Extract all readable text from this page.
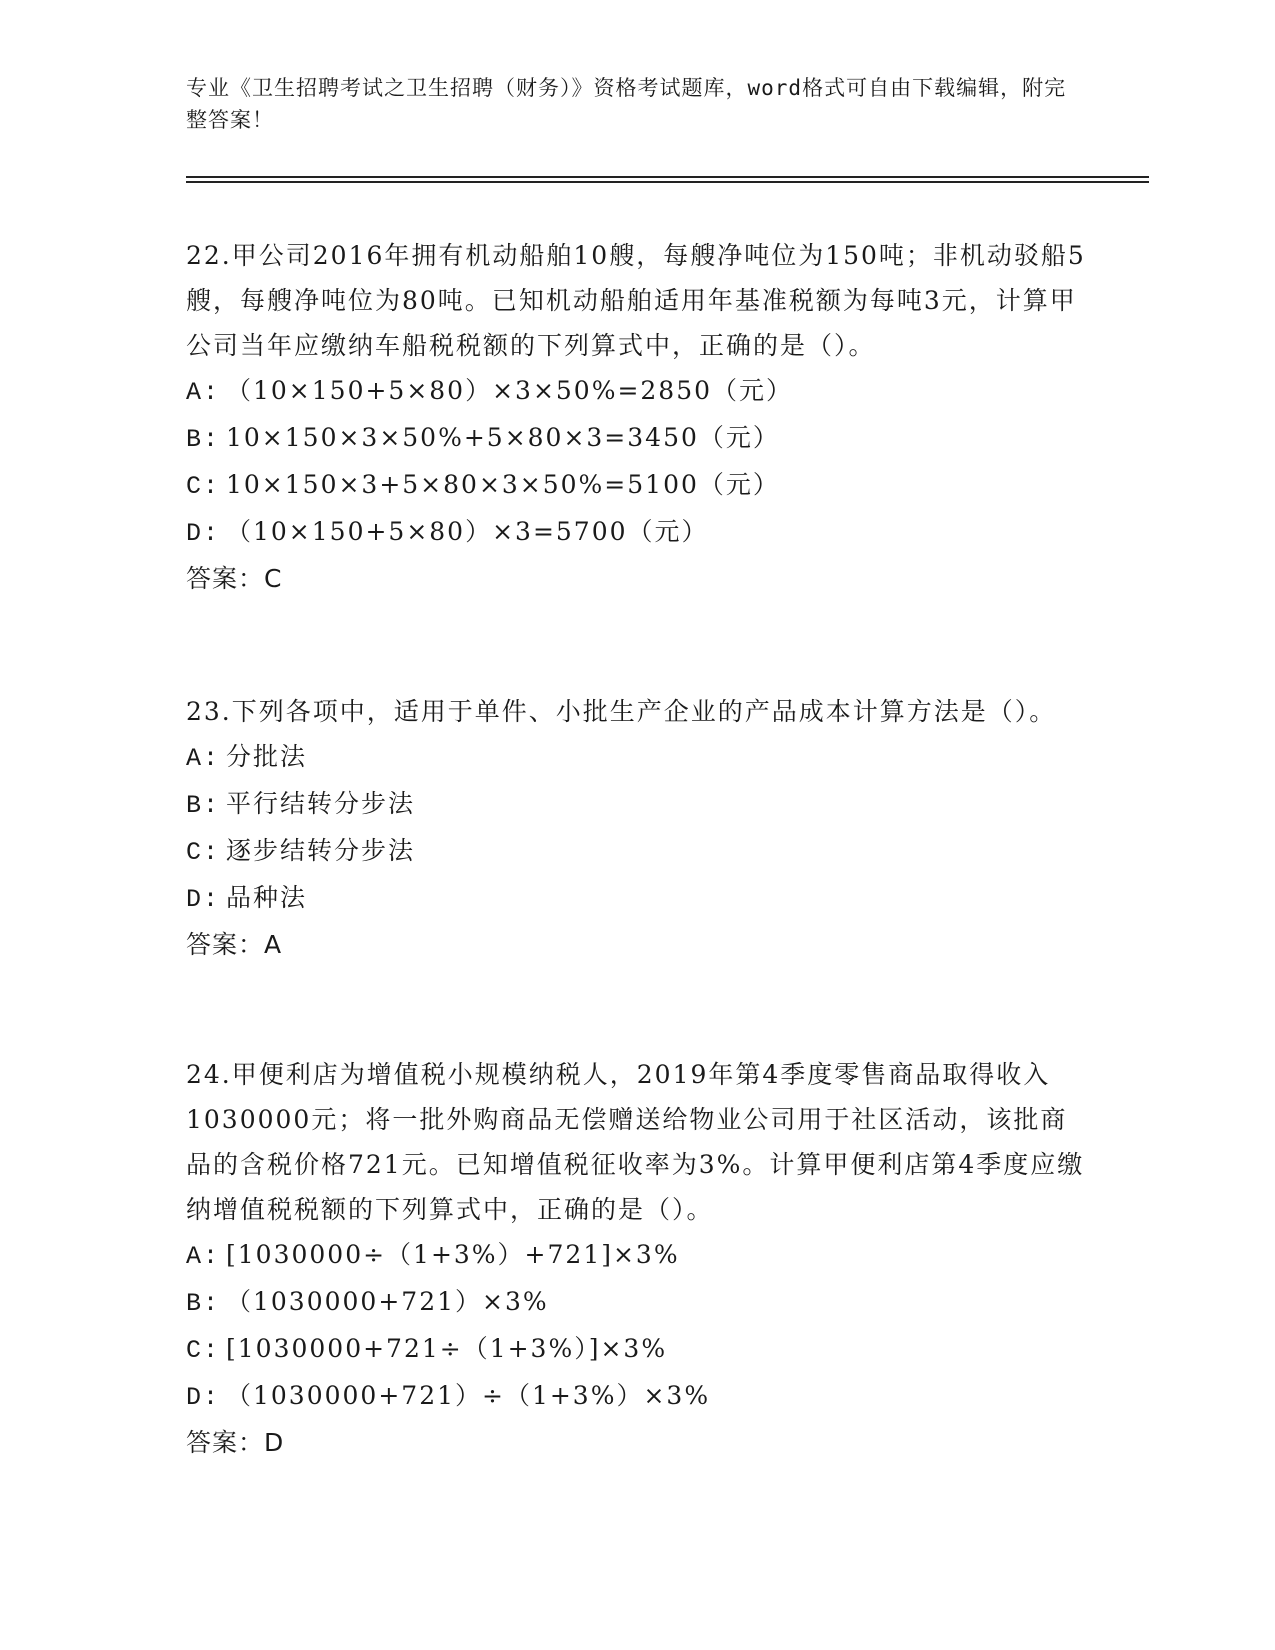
专业《卫生招聘考试之卫生招聘（财务）》资格考试题库，word格式可自由下载编辑，附完整答案！

22.甲公司2016年拥有机动船舶10艘，每艘净吨位为150吨；非机动驳船5艘，每艘净吨位为80吨。已知机动船舶适用年基准税额为每吨3元，计算甲公司当年应缴纳车船税税额的下列算式中，正确的是（）。

A: （10×150+5×80）×3×50%=2850（元）

B: 10×150×3×50%+5×80×3=3450（元）

C: 10×150×3+5×80×3×50%=5100（元）

D: （10×150+5×80）×3=5700（元）

答案：C

23.下列各项中，适用于单件、小批生产企业的产品成本计算方法是（）。

A: 分批法

B: 平行结转分步法

C: 逐步结转分步法

D: 品种法

答案：A

24.甲便利店为增值税小规模纳税人，2019年第4季度零售商品取得收入1030000元；将一批外购商品无偿赠送给物业公司用于社区活动，该批商品的含税价格721元。已知增值税征收率为3%。计算甲便利店第4季度应缴纳增值税税额的下列算式中，正确的是（）。

A: [1030000÷（1+3%）+721]×3%

B: （1030000+721）×3%

C: [1030000+721÷（1+3%）]×3%

D: （1030000+721）÷（1+3%）×3%

答案：D
